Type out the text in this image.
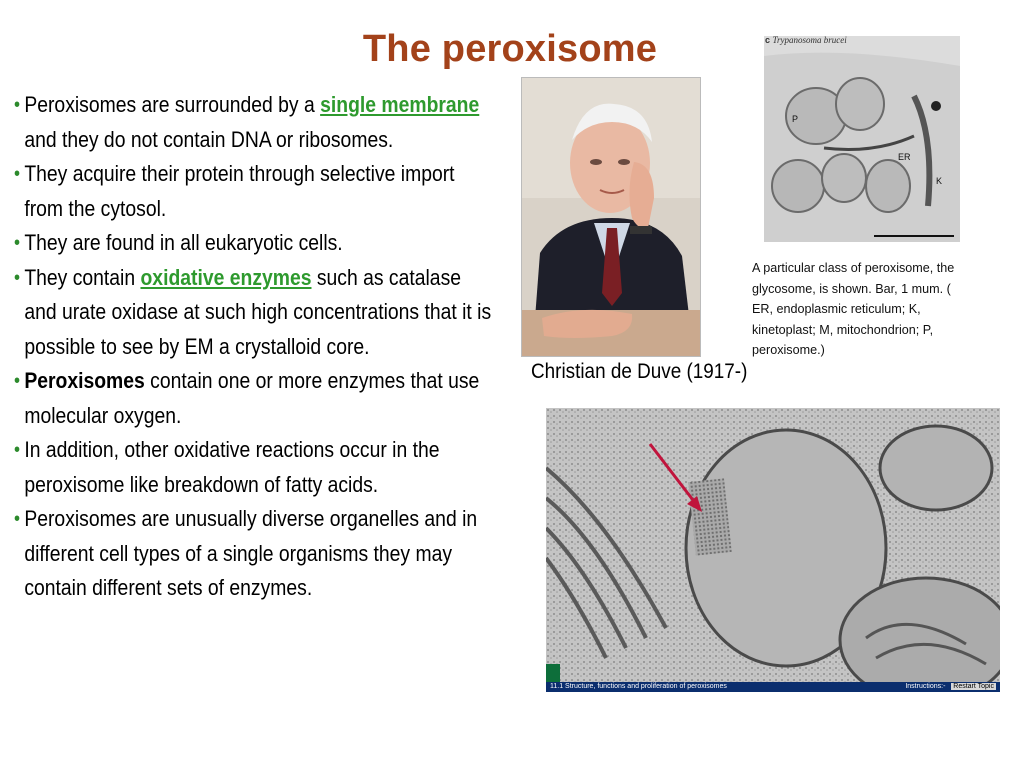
The peroxisome
• Peroxisomes are surrounded by a single membrane and they do not contain DNA or ribosomes.
• They acquire their protein through selective import from the cytosol.
• They are found in all eukaryotic cells.
• They contain oxidative enzymes such as catalase and urate oxidase at such high concentrations that it is possible to see by EM a crystalloid core.
• Peroxisomes contain one or more enzymes that use molecular oxygen.
• In addition, other oxidative reactions occur in the peroxisome like breakdown of fatty acids.
• Peroxisomes are unusually diverse organelles and in different cell types of a single organisms they may contain different sets of enzymes.
Christian de Duve (1917-)
P
ER
K
c Trypanosoma brucei
A particular class of peroxisome, the glycosome, is shown. Bar, 1 mum. ( ER, endoplasmic reticulum; K, kinetoplast; M, mitochondrion; P, peroxisome.)
11.1 Structure, functions and proliferation of peroxisomes	Instructions:- Restart Topic
